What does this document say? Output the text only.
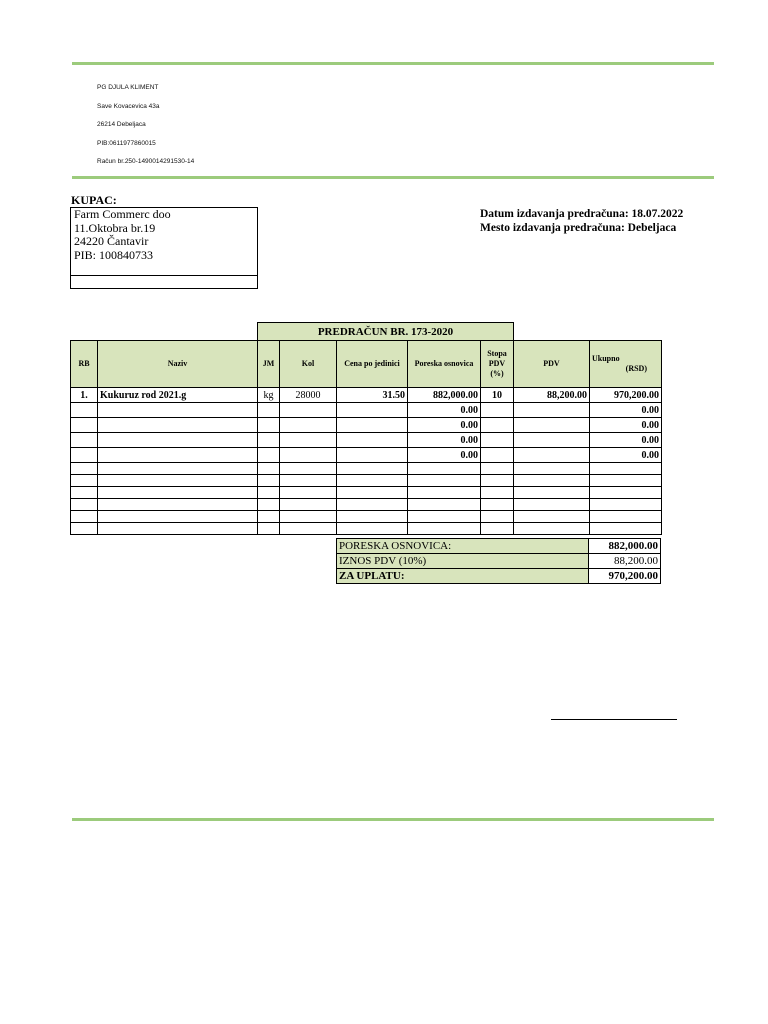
PG DJULA KLIMENT
Save Kovacevica 43a
26214 Debeljaca
PIB:0611977860015
Račun br.250-1490014291530-14
KUPAC:
Farm Commerc doo
11.Oktobra br.19
24220 Čantavir
PIB: 100840733
Datum izdavanja predračuna: 18.07.2022
Mesto izdavanja predračuna: Debeljaca
PREDRAČUN BR. 173-2020
RB	Naziv	JM	Kol	Cena po jedinici	Poreska osnovica	Stopa PDV (%)	PDV	Ukupno
(RSD)

1.	Kukuruz rod 2021.g	kg	28000	31.50	882,000.00	10	88,200.00	970,200.00
					0.00			0.00
					0.00			0.00
					0.00			0.00
					0.00			0.00

PORESKA OSNOVICA:	882,000.00
IZNOS PDV (10%)	88,200.00
ZA UPLATU:	970,200.00
